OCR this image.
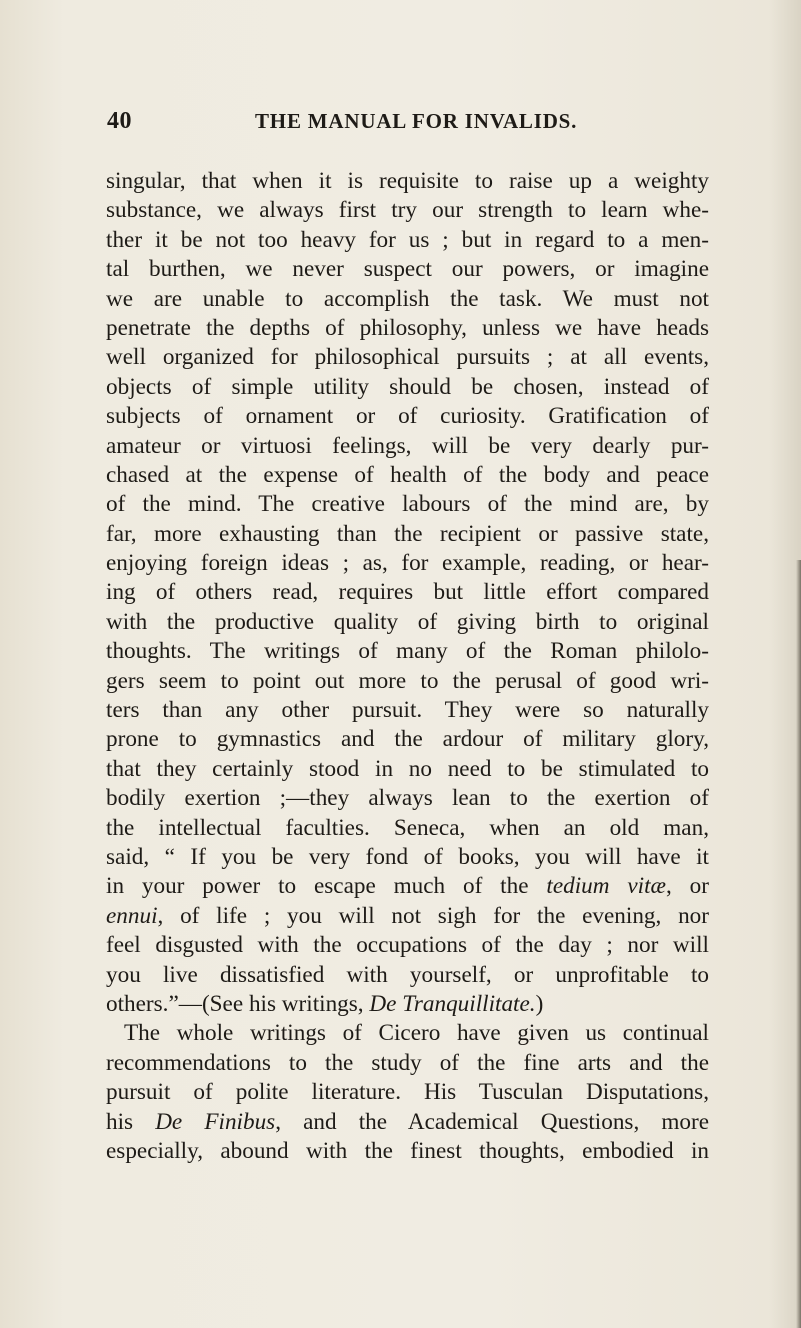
40	THE MANUAL FOR INVALIDS.
singular, that when it is requisite to raise up a weighty
substance, we always first try our strength to learn whe-
ther it be not too heavy for us ; but in regard to a men-
tal burthen, we never suspect our powers, or imagine
we are unable to accomplish the task. We must not
penetrate the depths of philosophy, unless we have heads
well organized for philosophical pursuits ; at all events,
objects of simple utility should be chosen, instead of
subjects of ornament or of curiosity. Gratification of
amateur or virtuosi feelings, will be very dearly pur-
chased at the expense of health of the body and peace
of the mind. The creative labours of the mind are, by
far, more exhausting than the recipient or passive state,
enjoying foreign ideas ; as, for example, reading, or hear-
ing of others read, requires but little effort compared
with the productive quality of giving birth to original
thoughts. The writings of many of the Roman philolo-
gers seem to point out more to the perusal of good wri-
ters than any other pursuit. They were so naturally
prone to gymnastics and the ardour of military glory,
that they certainly stood in no need to be stimulated to
bodily exertion ;—they always lean to the exertion of
the intellectual faculties. Seneca, when an old man,
said, “ If you be very fond of books, you will have it
in your power to escape much of the tedium vitæ, or
ennui, of life ; you will not sigh for the evening, nor
feel disgusted with the occupations of the day ; nor will
you live dissatisfied with yourself, or unprofitable to
others.”—(See his writings, De Tranquillitate.)
The whole writings of Cicero have given us continual
recommendations to the study of the fine arts and the
pursuit of polite literature. His Tusculan Disputations,
his De Finibus, and the Academical Questions, more
especially, abound with the finest thoughts, embodied in
